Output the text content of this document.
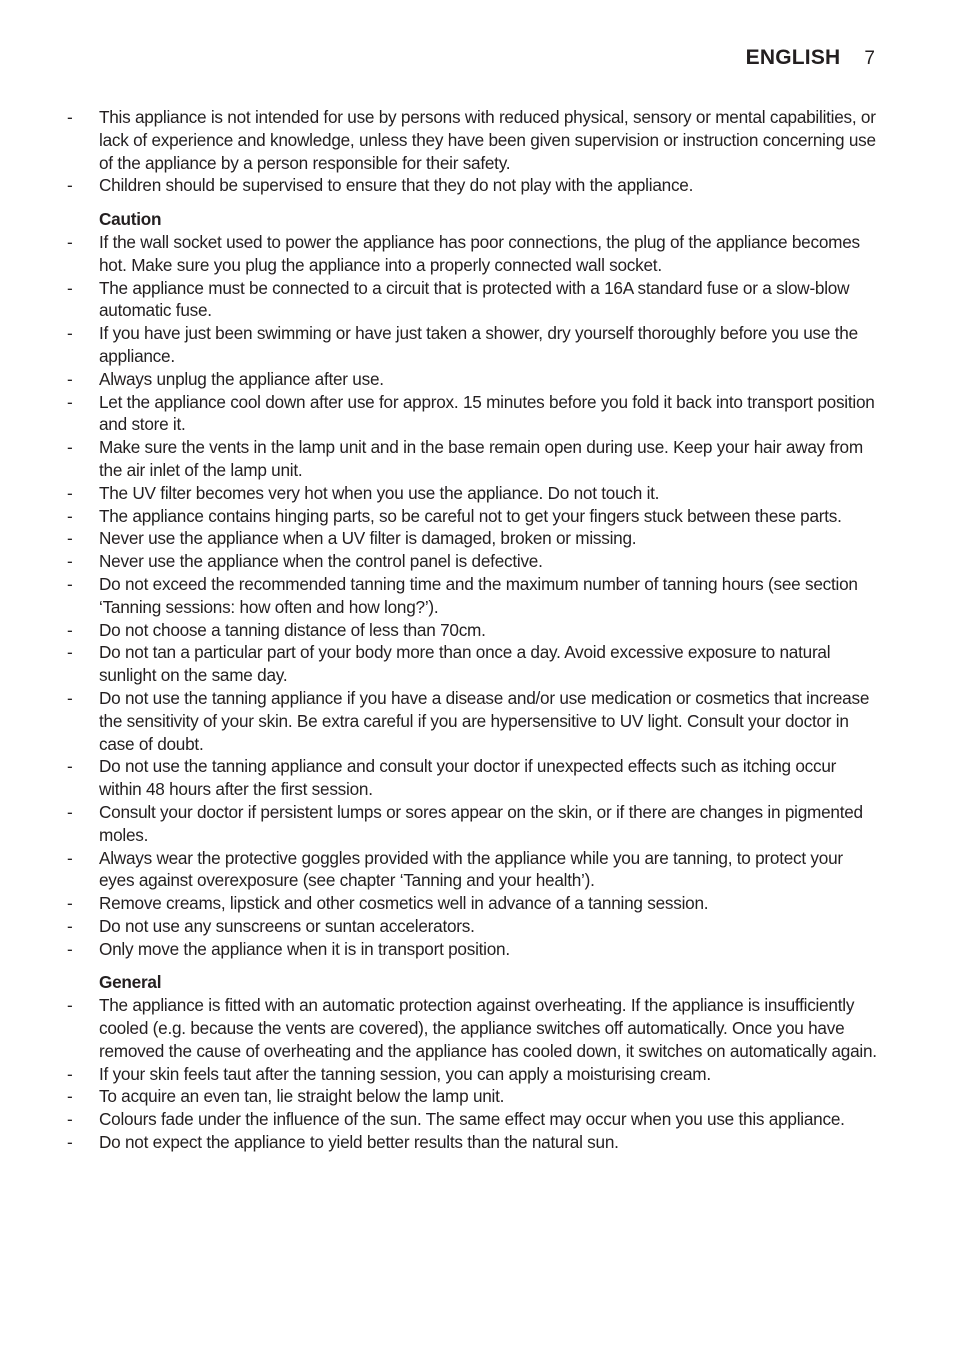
ENGLISH 7
- This appliance is not intended for use by persons with reduced physical, sensory or mental capabilities, or lack of experience and knowledge, unless they have been given supervision or instruction concerning use of the appliance by a person responsible for their safety.
- Children should be supervised to ensure that they do not play with the appliance.
Caution
- If the wall socket used to power the appliance has poor connections, the plug of the appliance becomes hot. Make sure you plug the appliance into a properly connected wall socket.
- The appliance must be connected to a circuit that is protected with a 16A standard fuse or a slow-blow automatic fuse.
- If you have just been swimming or have just taken a shower, dry yourself thoroughly before you use the appliance.
- Always unplug the appliance after use.
- Let the appliance cool down after use for approx. 15 minutes before you fold it back into transport position and store it.
- Make sure the vents in the lamp unit and in the base remain open during use. Keep your hair away from the air inlet of the lamp unit.
- The UV filter becomes very hot when you use the appliance. Do not touch it.
- The appliance contains hinging parts, so be careful not to get your fingers stuck between these parts.
- Never use the appliance when a UV filter is damaged, broken or missing.
- Never use the appliance when the control panel is defective.
- Do not exceed the recommended tanning time and the maximum number of tanning hours (see section ‘Tanning sessions: how often and how long?’).
- Do not choose a tanning distance of less than 70cm.
- Do not tan a particular part of your body more than once a day. Avoid excessive exposure to natural sunlight on the same day.
- Do not use the tanning appliance if you have a disease and/or use medication or cosmetics that increase the sensitivity of your skin. Be extra careful if you are hypersensitive to UV light. Consult your doctor in case of doubt.
- Do not use the tanning appliance and consult your doctor if unexpected effects such as itching occur within 48 hours after the first session.
- Consult your doctor if persistent lumps or sores appear on the skin, or if there are changes in pigmented moles.
- Always wear the protective goggles provided with the appliance while you are tanning, to protect your eyes against overexposure (see chapter ‘Tanning and your health’).
- Remove creams, lipstick and other cosmetics well in advance of a tanning session.
- Do not use any sunscreens or suntan accelerators.
- Only move the appliance when it is in transport position.
General
- The appliance is fitted with an automatic protection against overheating. If the appliance is insufficiently cooled (e.g. because the vents are covered), the appliance switches off automatically. Once you have removed the cause of overheating and the appliance has cooled down, it switches on automatically again.
- If your skin feels taut after the tanning session, you can apply a moisturising cream.
- To acquire an even tan, lie straight below the lamp unit.
- Colours fade under the influence of the sun. The same effect may occur when you use this appliance.
- Do not expect the appliance to yield better results than the natural sun.
